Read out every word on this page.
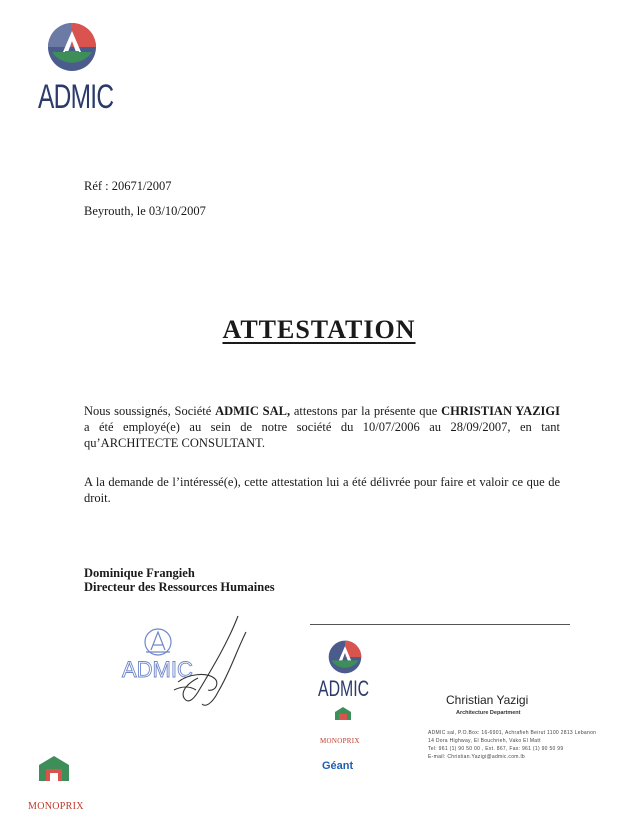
ADMIC
Réf : 20671/2007
Beyrouth, le 03/10/2007
ATTESTATION

Nous soussignés, Société ADMIC SAL, attestons par la présente que CHRISTIAN YAZIGI a été employé(e) au sein de notre société du 10/07/2006 au 28/09/2007, en tant qu’ARCHITECTE CONSULTANT.

A la demande de l’intéressé(e), cette attestation lui a été délivrée pour faire et valoir ce que de droit.

Dominique Frangieh
Directeur des Ressources Humaines
ADMIC
ADMIC
MONOPRIX
Géant
Christian Yazigi
Architecture Department
ADMIC sal, P.O.Box: 16-6901, Achrafieh Beirut 1100 2813 Lebanon
14 Dora Highway, El Bouchrieh, Vako El Matt
Tel: 961 (1) 90 50 00 , Ext. 867, Fax: 961 (1) 90 50 99
E-mail: Christian.Yazigi@admic.com.lb
MONOPRIX
